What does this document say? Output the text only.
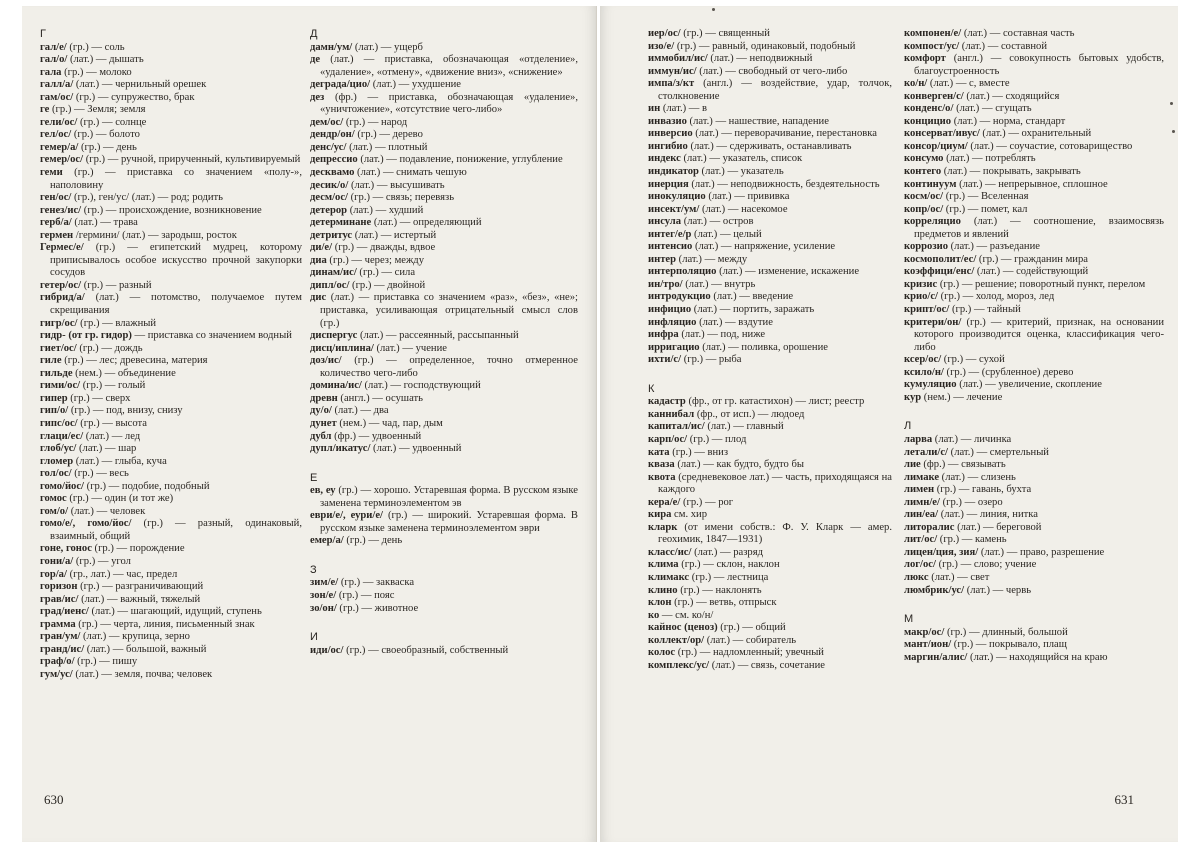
Г

гал/е/ (гр.) — соль

гал/о/ (лат.) — дышать

гала (гр.) — молоко

галл/а/ (лат.) — чернильный орешек

гам/ос/ (гр.) — супружество, брак

ге (гр.) — Земля; земля

гели/ос/ (гр.) — солнце

гел/ос/ (гр.) — болото

гемер/а/ (гр.) — день

гемер/ос/ (гр.) — ручной, прирученный, культивируемый

геми (гр.) — приставка со значением «полу-», наполовину

ген/ос/ (гр.), ген/ус/ (лат.) — род; родить

генез/ис/ (гр.) — происхождение, возникновение

герб/а/ (лат.) — трава

гермен /гермини/ (лат.) — зародыш, росток

Гермес/е/ (гр.) — египетский мудрец, которому приписывалось особое искусство прочной закупорки сосудов

гетер/ос/ (гр.) — разный

гибрид/а/ (лат.) — потомство, получаемое путем скрещивания

гигр/ос/ (гр.) — влажный

гидр- (от гр. гидор) — приставка со значением водный

гиет/ос/ (гр.) — дождь

гиле (гр.) — лес; древесина, материя

гильде (нем.) — объединение

гими/ос/ (гр.) — голый

гипер (гр.) — сверх

гип/о/ (гр.) — под, внизу, снизу

гипс/ос/ (гр.) — высота

глаци/ес/ (лат.) — лед

глоб/ус/ (лат.) — шар

гломер (лат.) — глыба, куча

гол/ос/ (гр.) — весь

гомо/йос/ (гр.) — подобие, подобный

гомос (гр.) — один (и тот же)

гом/о/ (лат.) — человек

гомо/е/, гомо/йос/ (гр.) — разный, одинаковый, взаимный, общий

гоне, гонос (гр.) — порождение

гони/а/ (гр.) — угол

гор/а/ (гр., лат.) — час, предел

горизон (гр.) — разграничивающий

грав/ис/ (лат.) — важный, тяжелый

град/иенс/ (лат.) — шагающий, идущий, ступень

грамма (гр.) — черта, линия, письменный знак

гран/ум/ (лат.) — крупица, зерно

гранд/ис/ (лат.) — большой, важный

граф/о/ (гр.) — пишу

гум/ус/ (лат.) — земля, почва; человек

Д

дамн/ум/ (лат.) — ущерб

де (лат.) — приставка, обозначающая «отделение», «удаление», «отмену», «движение вниз», «снижение»

деграда/цио/ (лат.) — ухудшение

дез (фр.) — приставка, обозначающая «удаление», «уничтожение», «отсутствие чего-либо»

дем/ос/ (гр.) — народ

дендр/он/ (гр.) — дерево

денс/ус/ (лат.) — плотный

депрессио (лат.) — подавление, понижение, углубление

десквамо (лат.) — снимать чешую

десик/о/ (лат.) — высушивать

десм/ос/ (гр.) — связь; перевязь

детерор (лат.) — худший

детерминане (лат.) — определяющий

детритус (лат.) — истертый

ди/е/ (гр.) — дважды, вдвое

диа (гр.) — через; между

динам/ис/ (гр.) — сила

дипл/ос/ (гр.) — двойной

дис (лат.) — приставка со значением «раз», «без», «не»; приставка, усиливающая отрицательный смысл слов (гр.)

диспергус (лат.) — рассеянный, рассыпанный

дисц/иплина/ (лат.) — учение

доз/ис/ (гр.) — определенное, точно отмеренное количество чего-либо

домина/ис/ (лат.) — господствующий

древн (англ.) — осушать

ду/о/ (лат.) — два

дунет (нем.) — чад, пар, дым

дубл (фр.) — удвоенный

дупл/икатус/ (лат.) — удвоенный

Е

ев, еу (гр.) — хорошо. Устаревшая форма. В русском языке заменена терминоэлементом эв

еври/е/, еури/е/ (гр.) — широкий. Устаревшая форма. В русском языке заменена терминоэлементом эври

емер/а/ (гр.) — день

З

зим/е/ (гр.) — закваска

зон/е/ (гр.) — пояс

зо/он/ (гр.) — животное

И

иди/ос/ (гр.) — своеобразный, собственный

630

иер/ос/ (гр.) — священный

изо/е/ (гр.) — равный, одинаковый, подобный

иммобил/ис/ (лат.) — неподвижный

иммун/ис/ (лат.) — свободный от чего-либо

импа/з/кт (англ.) — воздействие, удар, толчок, столкновение

ин (лат.) — в

инвазио (лат.) — нашествие, нападение

инверсио (лат.) — переворачивание, перестановка

ингибио (лат.) — сдерживать, останавливать

индекс (лат.) — указатель, список

индикатор (лат.) — указатель

инерция (лат.) — неподвижность, бездеятельность

инокуляцио (лат.) — прививка

инсект/ум/ (лат.) — насекомое

инсула (лат.) — остров

интег/е/р (лат.) — целый

интенсио (лат.) — напряжение, усиление

интер (лат.) — между

интерполяцио (лат.) — изменение, искажение

ин/тро/ (лат.) — внутрь

интродукцио (лат.) — введение

инфицио (лат.) — портить, заражать

инфляцио (лат.) — вздутие

инфра (лат.) — под, ниже

ирригацио (лат.) — поливка, орошение

ихти/с/ (гр.) — рыба

К

кадастр (фр., от гр. катастихон) — лист; реестр

каннибал (фр., от исп.) — людоед

капитал/ис/ (лат.) — главный

карп/ос/ (гр.) — плод

ката (гр.) — вниз

кваза (лат.) — как будто, будто бы

квота (средневековое лат.) — часть, приходящаяся на каждого

кера/е/ (гр.) — рог

кира см. хир

кларк (от имени собств.: Ф. У. Кларк — амер. геохимик, 1847—1931)

класс/ис/ (лат.) — разряд

клима (гр.) — склон, наклон

климакс (гр.) — лестница

клино (гр.) — наклонять

клон (гр.) — ветвь, отпрыск

ко — см. ко/н/

кайнос (ценоз) (гр.) — общий

коллект/ор/ (лат.) — собиратель

колос (гр.) — надломленный; увечный

комплекс/ус/ (лат.) — связь, сочетание

компонен/е/ (лат.) — составная часть

компост/ус/ (лат.) — составной

комфорт (англ.) — совокупность бытовых удобств, благоустроенность

ко/н/ (лат.) — с, вместе

конверген/с/ (лат.) — сходящийся

конденс/о/ (лат.) — сгущать

концицио (лат.) — норма, стандарт

консерват/ивус/ (лат.) — охранительный

консор/циум/ (лат.) — соучастие, сотоварищество

консумо (лат.) — потреблять

контего (лат.) — покрывать, закрывать

континуум (лат.) — непрерывное, сплошное

косм/ос/ (гр.) — Вселенная

копр/ос/ (гр.) — помет, кал

корреляцио (лат.) — соотношение, взаимосвязь предметов и явлений

коррозио (лат.) — разъедание

космополит/ес/ (гр.) — гражданин мира

коэффици/енс/ (лат.) — содействующий

кризис (гр.) — решение; поворотный пункт, перелом

крио/с/ (гр.) — холод, мороз, лед

крипт/ос/ (гр.) — тайный

критери/он/ (гр.) — критерий, признак, на основании которого производится оценка, классификация чего-либо

ксер/ос/ (гр.) — сухой

ксило/н/ (гр.) — (срубленное) дерево

кумуляцио (лат.) — увеличение, скопление

кур (нем.) — лечение

Л

ларва (лат.) — личинка

летали/с/ (лат.) — смертельный

лие (фр.) — связывать

лимаке (лат.) — слизень

лимен (гр.) — гавань, бухта

лимн/е/ (гр.) — озеро

лин/еа/ (лат.) — линия, нитка

литоралис (лат.) — береговой

лит/ос/ (гр.) — камень

лицен/ция, зия/ (лат.) — право, разрешение

лог/ос/ (гр.) — слово; учение

люкс (лат.) — свет

люмбрик/ус/ (лат.) — червь

М

макр/ос/ (гр.) — длинный, большой

мант/ион/ (гр.) — покрывало, плащ

маргин/алис/ (лат.) — находящийся на краю

631
